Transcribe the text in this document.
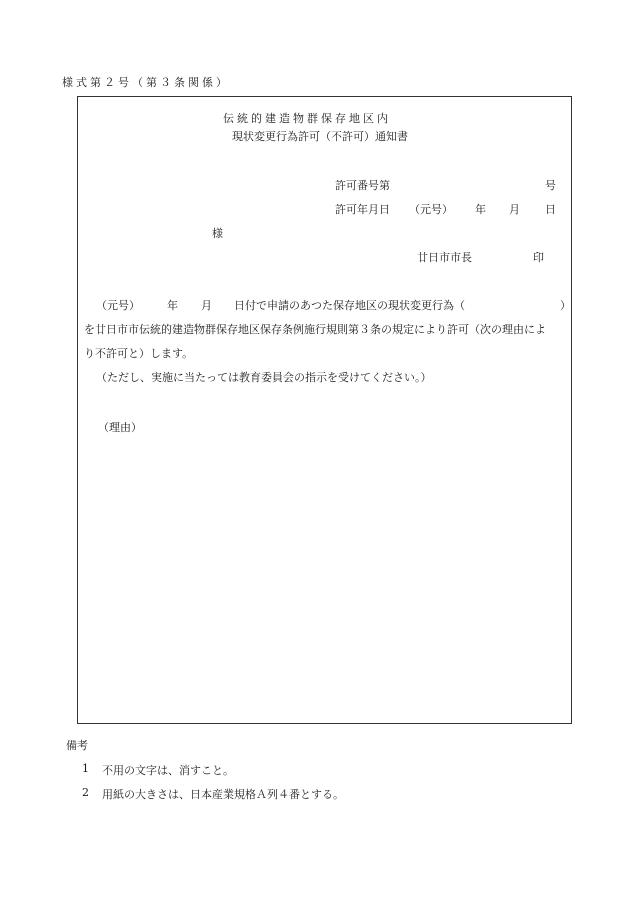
様式第２号（第３条関係）
伝統的建造物群保存地区内
現状変更行為許可（不許可）通知書
許可番号第	号
許可年月日 （元号） 年 月 日
様
廿日市市長	印
（元号） 年 月 日付で申請のあつた保存地区の現状変更行為（	）
を廿日市市伝統的建造物群保存地区保存条例施行規則第３条の規定により許可（次の理由によ
り不許可と）します。
（ただし、実施に当たっては教育委員会の指示を受けてください。）
（理由）
備考
1 不用の文字は、消すこと。
2 用紙の大きさは、日本産業規格Ａ列４番とする。
